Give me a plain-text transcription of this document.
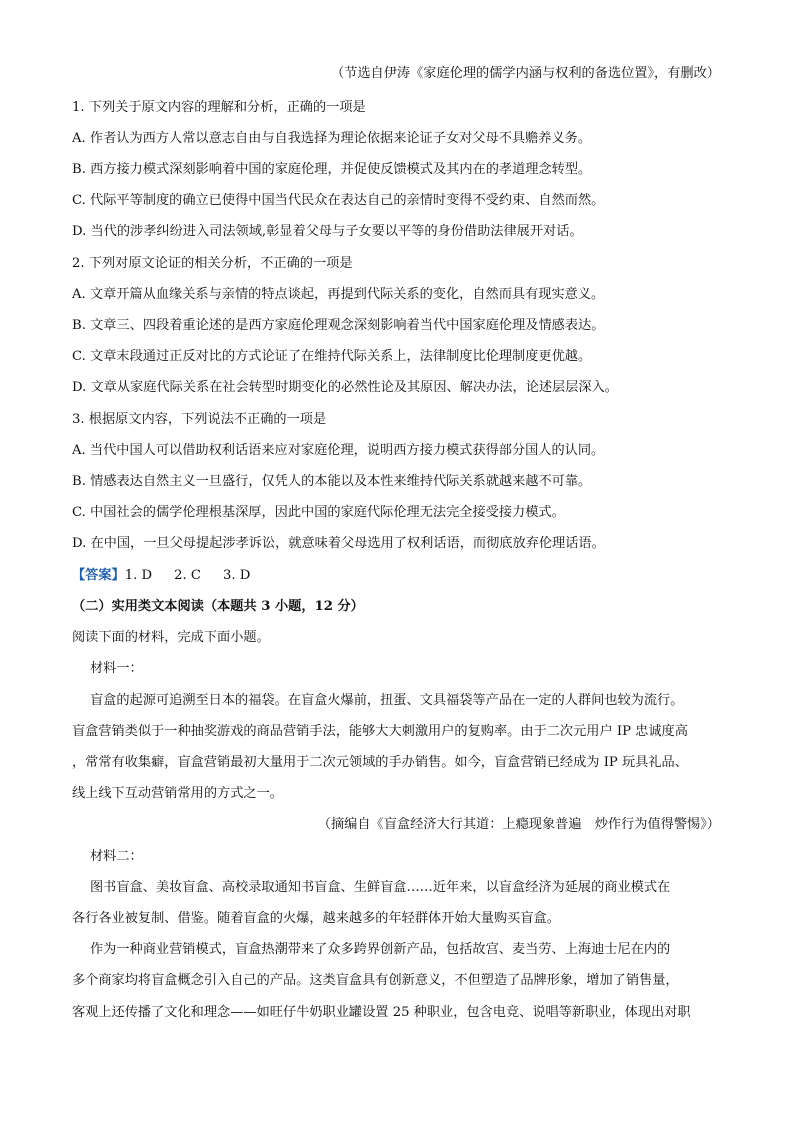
（节选自伊涛《家庭伦理的儒学内涵与权利的备选位置》，有删改）
1. 下列关于原文内容的理解和分析，正确的一项是
A. 作者认为西方人常以意志自由与自我选择为理论依据来论证子女对父母不具赡养义务。
B. 西方接力模式深刻影响着中国的家庭伦理，并促使反馈模式及其内在的孝道理念转型。
C. 代际平等制度的确立已使得中国当代民众在表达自己的亲情时变得不受约束、自然而然。
D. 当代的涉孝纠纷进入司法领域,彰显着父母与子女要以平等的身份借助法律展开对话。
2. 下列对原文论证的相关分析，不正确的一项是
A. 文章开篇从血缘关系与亲情的特点谈起，再提到代际关系的变化，自然而具有现实意义。
B. 文章三、四段着重论述的是西方家庭伦理观念深刻影响着当代中国家庭伦理及情感表达。
C. 文章末段通过正反对比的方式论证了在维持代际关系上，法律制度比伦理制度更优越。
D. 文章从家庭代际关系在社会转型时期变化的必然性论及其原因、解决办法，论述层层深入。
3. 根据原文内容，下列说法不正确的一项是
A. 当代中国人可以借助权利话语来应对家庭伦理，说明西方接力模式获得部分国人的认同。
B. 情感表达自然主义一旦盛行，仅凭人的本能以及本性来维持代际关系就越来越不可靠。
C. 中国社会的儒学伦理根基深厚，因此中国的家庭代际伦理无法完全接受接力模式。
D. 在中国，一旦父母提起涉孝诉讼，就意味着父母选用了权利话语，而彻底放弃伦理话语。
【答案】1. D 2. C 3. D
（二）实用类文本阅读（本题共 3 小题，12 分）
阅读下面的材料，完成下面小题。
材料一：
盲盒的起源可追溯至日本的福袋。在盲盒火爆前，扭蛋、文具福袋等产品在一定的人群间也较为流行。
盲盒营销类似于一种抽奖游戏的商品营销手法，能够大大刺激用户的复购率。由于二次元用户 IP 忠诚度高
，常常有收集癖，盲盒营销最初大量用于二次元领域的手办销售。如今，盲盒营销已经成为 IP 玩具礼品、
线上线下互动营销常用的方式之一。
（摘编自《盲盒经济大行其道：上瘾现象普遍　炒作行为值得警惕》）
材料二：
图书盲盒、美妆盲盒、高校录取通知书盲盒、生鲜盲盒……近年来，以盲盒经济为延展的商业模式在
各行各业被复制、借鉴。随着盲盒的火爆，越来越多的年轻群体开始大量购买盲盒。
作为一种商业营销模式，盲盒热潮带来了众多跨界创新产品，包括故宫、麦当劳、上海迪士尼在内的
多个商家均将盲盒概念引入自己的产品。这类盲盒具有创新意义，不但塑造了品牌形象，增加了销售量，
客观上还传播了文化和理念——如旺仔牛奶职业罐设置 25 种职业，包含电竞、说唱等新职业，体现出对职
